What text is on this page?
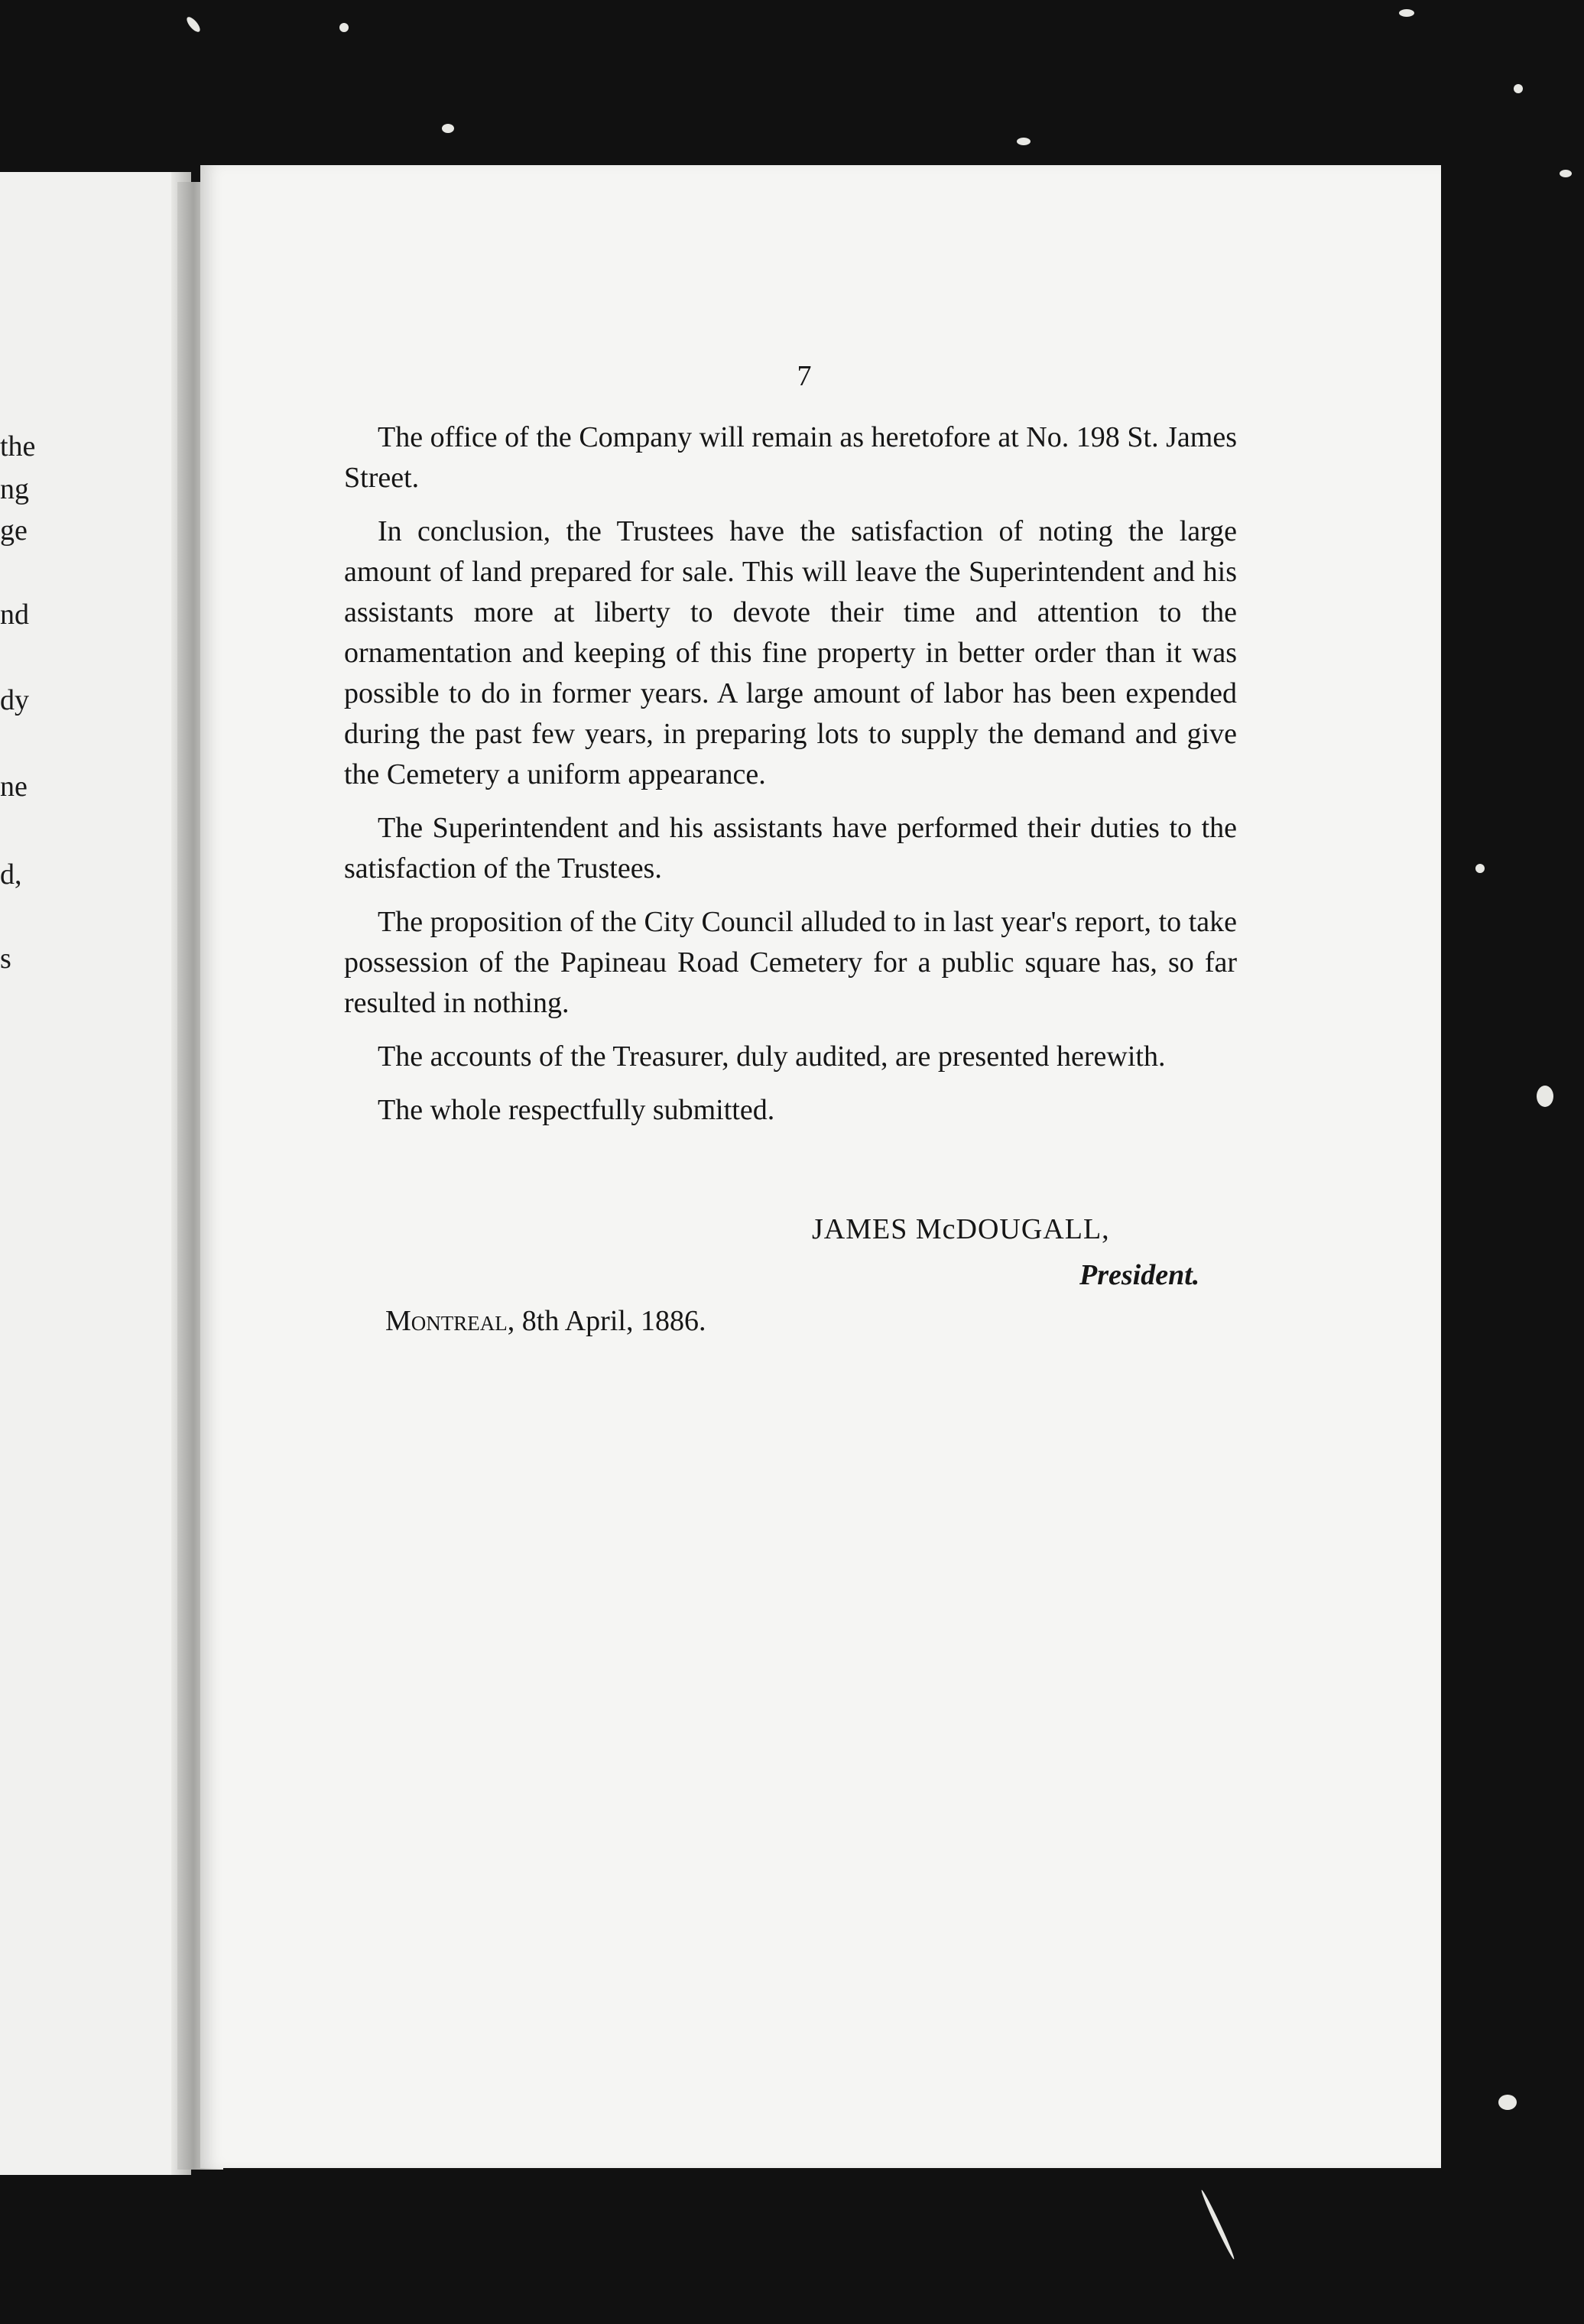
the
ng
ge
nd
dy
ne
d,
s
7

The office of the Company will remain as heretofore at No. 198 St. James Street.

In conclusion, the Trustees have the satisfaction of noting the large amount of land prepared for sale. This will leave the Superintendent and his assistants more at liberty to devote their time and attention to the ornamentation and keeping of this fine property in better order than it was possible to do in former years. A large amount of labor has been expended during the past few years, in preparing lots to supply the demand and give the Cemetery a uniform appearance.

The Superintendent and his assistants have performed their duties to the satisfaction of the Trustees.

The proposition of the City Council alluded to in last year's report, to take possession of the Papineau Road Cemetery for a public square has, so far resulted in nothing.

The accounts of the Treasurer, duly audited, are presented herewith.

The whole respectfully submitted.

JAMES McDOUGALL,
President.
Montreal, 8th April, 1886.
